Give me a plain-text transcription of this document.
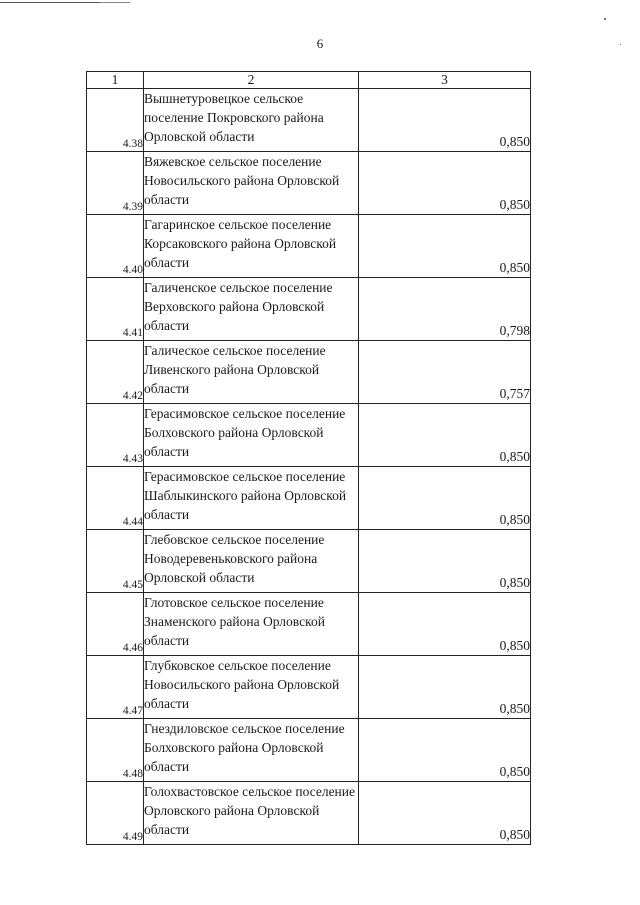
6
1	2	3
4.38	Вышнетуровецкое сельское поселение Покровского района Орловской области	0,850
4.39	Вяжевское сельское поселение Новосильского района Орловской области	0,850
4.40	Гагаринское сельское поселение Корсаковского района Орловской области	0,850
4.41	Галиченское сельское поселение Верховского района Орловской области	0,798
4.42	Галическое сельское поселение Ливенского района Орловской области	0,757
4.43	Герасимовское сельское поселение Болховского района Орловской области	0,850
4.44	Герасимовское сельское поселение Шаблыкинского района Орловской области	0,850
4.45	Глебовское сельское поселение Новодеревеньковского района Орловской области	0,850
4.46	Глотовское сельское поселение Знаменского района Орловской области	0,850
4.47	Глубковское сельское поселение Новосильского района Орловской области	0,850
4.48	Гнездиловское сельское поселение Болховского района Орловской области	0,850
4.49	Голохвастовское сельское поселение Орловского района Орловской области	0,850
